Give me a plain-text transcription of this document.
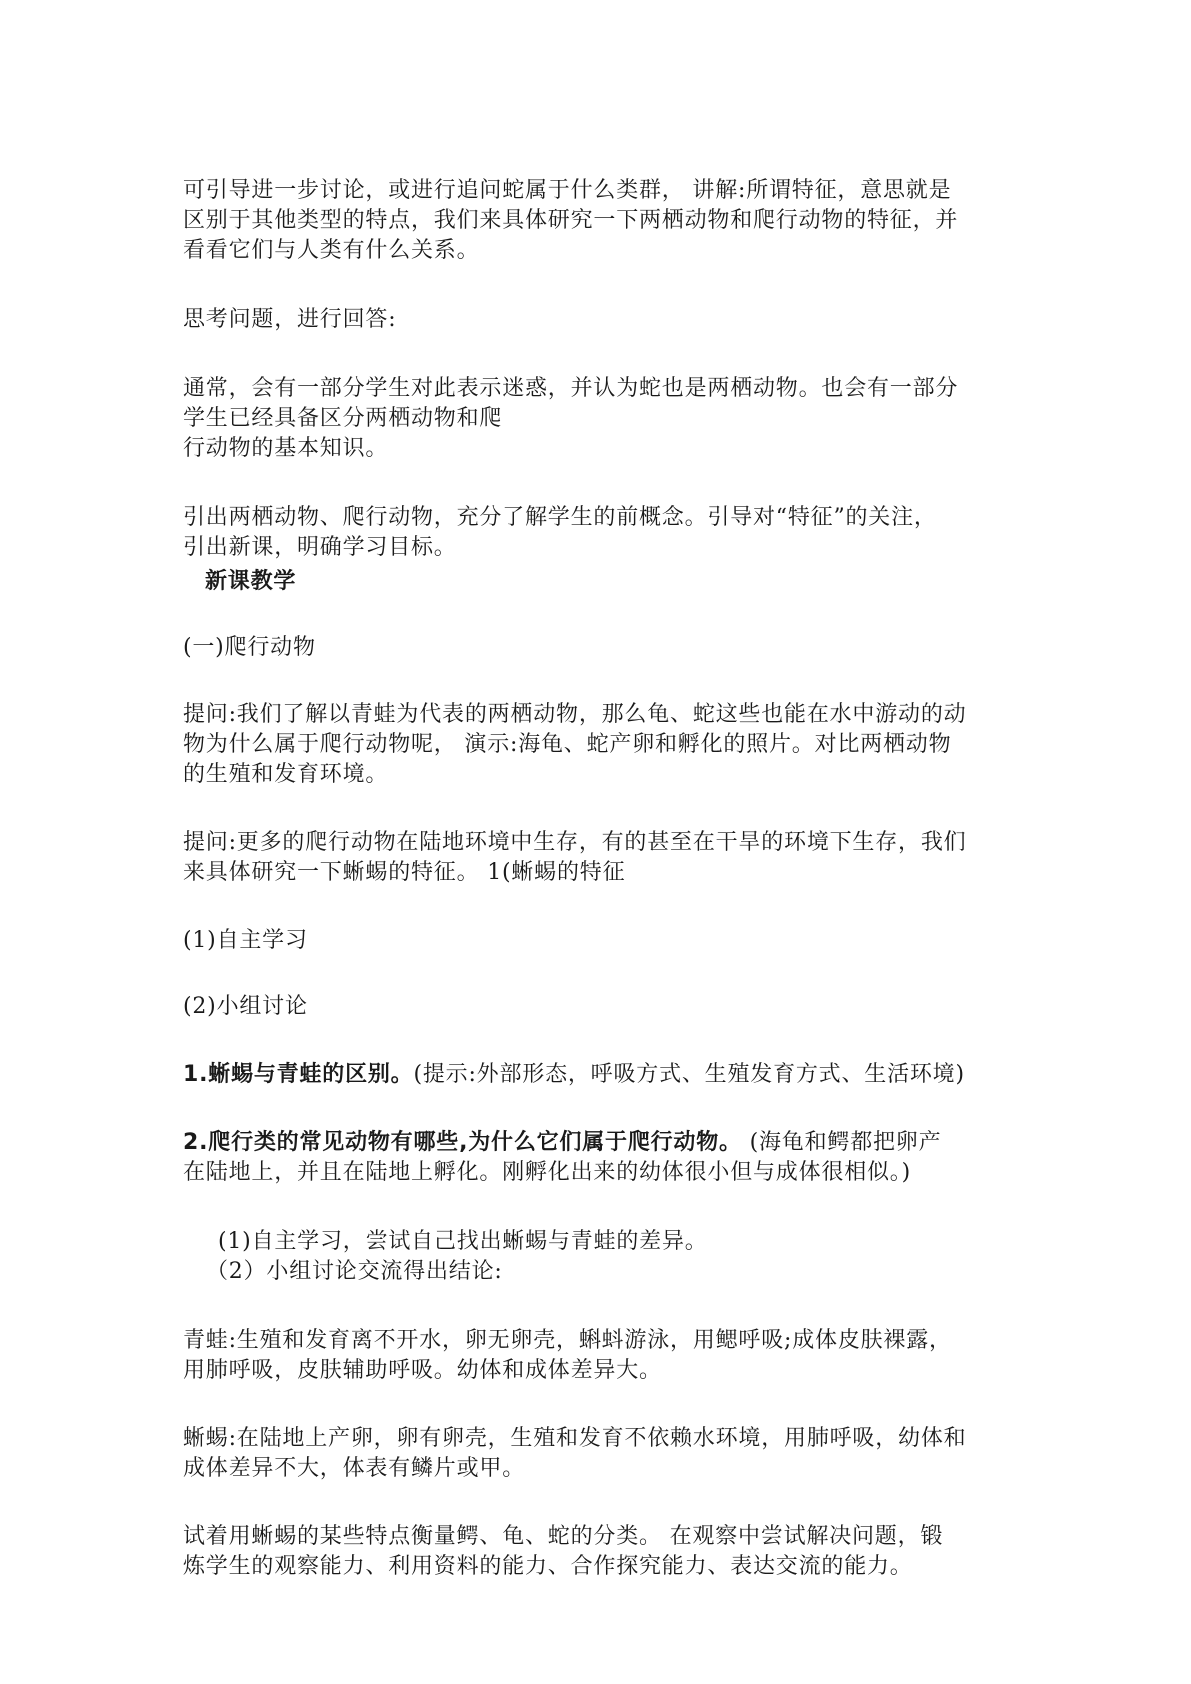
可引导进一步讨论，或进行追问蛇属于什么类群， 讲解:所谓特征，意思就是
区别于其他类型的特点，我们来具体研究一下两栖动物和爬行动物的特征，并
看看它们与人类有什么关系。
思考问题，进行回答:
通常，会有一部分学生对此表示迷惑，并认为蛇也是两栖动物。也会有一部分
学生已经具备区分两栖动物和爬
行动物的基本知识。
引出两栖动物、爬行动物，充分了解学生的前概念。引导对“特征”的关注，
引出新课，明确学习目标。
新课教学
(一)爬行动物
提问:我们了解以青蛙为代表的两栖动物，那么龟、蛇这些也能在水中游动的动
物为什么属于爬行动物呢， 演示:海龟、蛇产卵和孵化的照片。对比两栖动物
的生殖和发育环境。
提问:更多的爬行动物在陆地环境中生存，有的甚至在干旱的环境下生存，我们
来具体研究一下蜥蜴的特征。 1(蜥蜴的特征
(1)自主学习
(2)小组讨论
1.蜥蜴与青蛙的区别。(提示:外部形态，呼吸方式、生殖发育方式、生活环境)
2.爬行类的常见动物有哪些,为什么它们属于爬行动物。 (海龟和鳄都把卵产
在陆地上，并且在陆地上孵化。刚孵化出来的幼体很小但与成体很相似。)
(1)自主学习，尝试自己找出蜥蜴与青蛙的差异。
（2）小组讨论交流得出结论:
青蛙:生殖和发育离不开水，卵无卵壳，蝌蚪游泳，用鳃呼吸;成体皮肤裸露，
用肺呼吸，皮肤辅助呼吸。幼体和成体差异大。
蜥蜴:在陆地上产卵，卵有卵壳，生殖和发育不依赖水环境，用肺呼吸，幼体和
成体差异不大，体表有鳞片或甲。
试着用蜥蜴的某些特点衡量鳄、龟、蛇的分类。 在观察中尝试解决问题，锻
炼学生的观察能力、利用资料的能力、合作探究能力、表达交流的能力。
